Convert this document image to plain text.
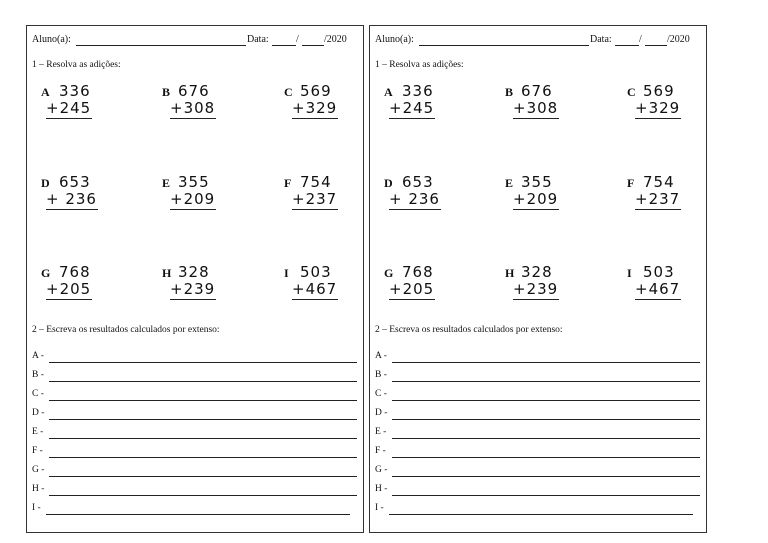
Aluno(a):	Data:	/	/2020
1 – Resolva as adições:
A 336
+245
B 676
+308
C 569
+329
D 653
+ 236
E 355
+209
F 754
+237
G 768
+205
H 328
+239
I 503
+467
2 – Escreva os resultados calculados por extenso:
A -
B -
C -
D -
E -
F -
G -
H -
I -
Aluno(a):	Data:	/	/2020
1 – Resolva as adições:
A 336
+245
B 676
+308
C 569
+329
D 653
+ 236
E 355
+209
F 754
+237
G 768
+205
H 328
+239
I 503
+467
2 – Escreva os resultados calculados por extenso:
A -
B -
C -
D -
E -
F -
G -
H -
I -
